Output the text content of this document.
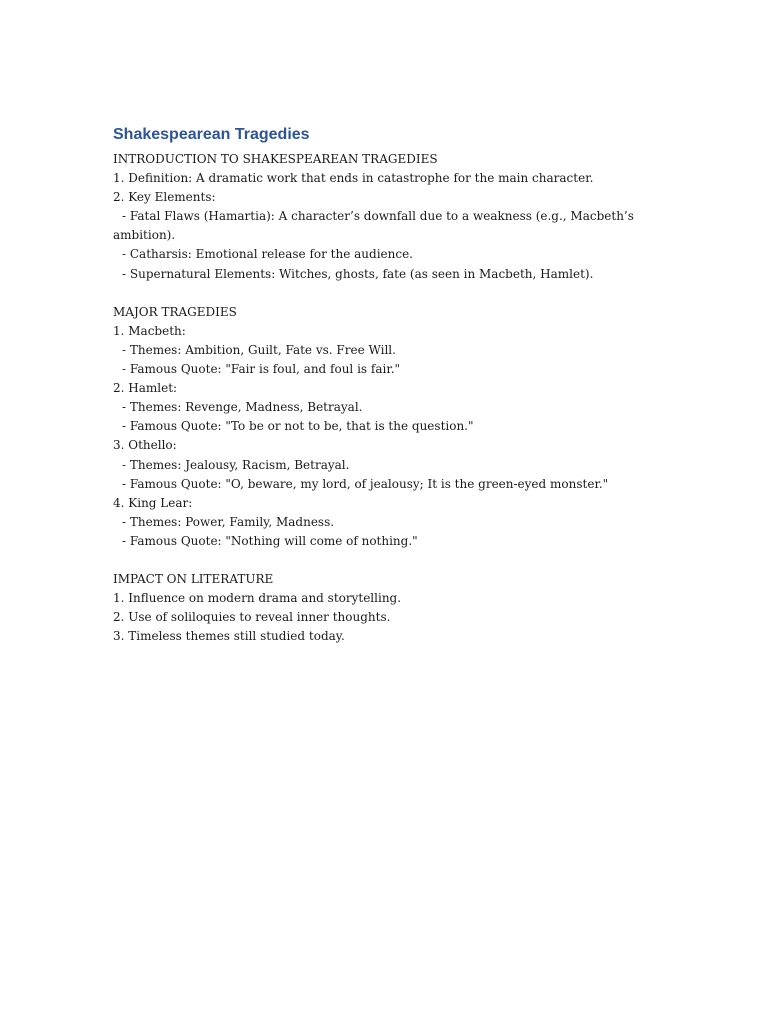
Shakespearean Tragedies

INTRODUCTION TO SHAKESPEAREAN TRAGEDIES

1. Definition: A dramatic work that ends in catastrophe for the main character.

2. Key Elements:

- Fatal Flaws (Hamartia): A character’s downfall due to a weakness (e.g., Macbeth’s

ambition).

- Catharsis: Emotional release for the audience.

- Supernatural Elements: Witches, ghosts, fate (as seen in Macbeth, Hamlet).

MAJOR TRAGEDIES

1. Macbeth:

- Themes: Ambition, Guilt, Fate vs. Free Will.

- Famous Quote: "Fair is foul, and foul is fair."

2. Hamlet:

- Themes: Revenge, Madness, Betrayal.

- Famous Quote: "To be or not to be, that is the question."

3. Othello:

- Themes: Jealousy, Racism, Betrayal.

- Famous Quote: "O, beware, my lord, of jealousy; It is the green-eyed monster."

4. King Lear:

- Themes: Power, Family, Madness.

- Famous Quote: "Nothing will come of nothing."

IMPACT ON LITERATURE

1. Influence on modern drama and storytelling.

2. Use of soliloquies to reveal inner thoughts.

3. Timeless themes still studied today.
